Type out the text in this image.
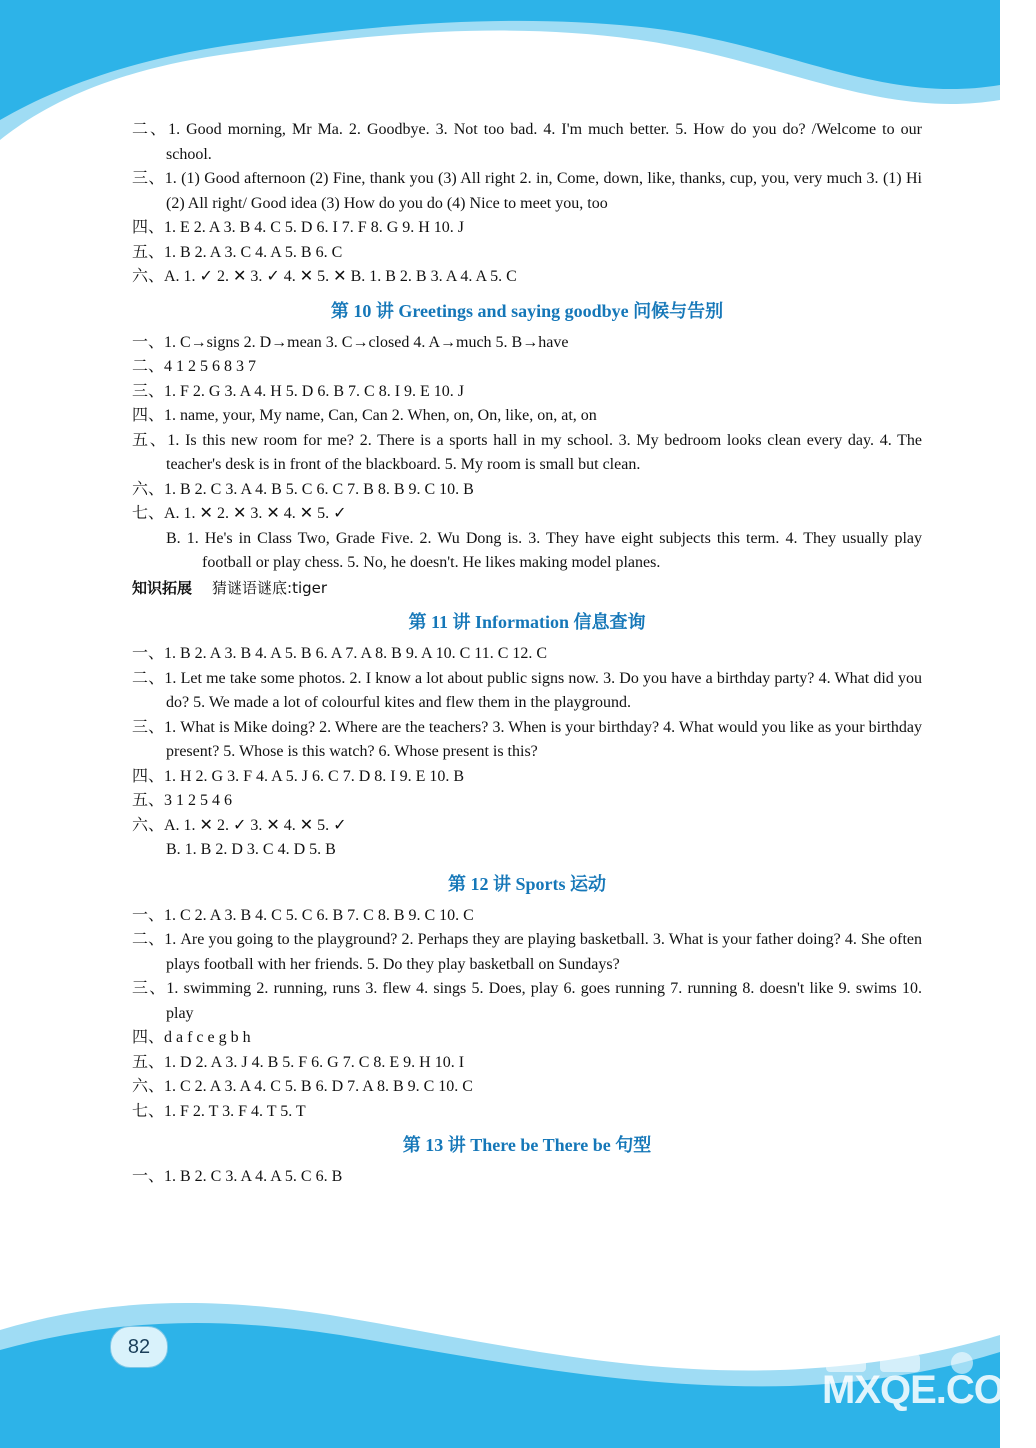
二、1. Good morning, Mr Ma. 2. Goodbye. 3. Not too bad. 4. I'm much better. 5. How do you do? /Welcome to our school.
三、1. (1) Good afternoon (2) Fine, thank you (3) All right 2. in, Come, down, like, thanks, cup, you, very much 3. (1) Hi (2) All right/ Good idea (3) How do you do (4) Nice to meet you, too
四、1. E 2. A 3. B 4. C 5. D 6. I 7. F 8. G 9. H 10. J
五、1. B 2. A 3. C 4. A 5. B 6. C
六、A. 1. ✓ 2. ✕ 3. ✓ 4. ✕ 5. ✕ B. 1. B 2. B 3. A 4. A 5. C
第 10 讲 Greetings and saying goodbye 问候与告别
一、1. C→signs 2. D→mean 3. C→closed 4. A→much 5. B→have
二、4 1 2 5 6 8 3 7
三、1. F 2. G 3. A 4. H 5. D 6. B 7. C 8. I 9. E 10. J
四、1. name, your, My name, Can, Can 2. When, on, On, like, on, at, on
五、1. Is this new room for me? 2. There is a sports hall in my school. 3. My bedroom looks clean every day. 4. The teacher's desk is in front of the blackboard. 5. My room is small but clean.
六、1. B 2. C 3. A 4. B 5. C 6. C 7. B 8. B 9. C 10. B
七、A. 1. ✕ 2. ✕ 3. ✕ 4. ✕ 5. ✓
B. 1. He's in Class Two, Grade Five. 2. Wu Dong is. 3. They have eight subjects this term. 4. They usually play football or play chess. 5. No, he doesn't. He likes making model planes.
知识拓展 猜谜语谜底:tiger
第 11 讲 Information 信息查询
一、1. B 2. A 3. B 4. A 5. B 6. A 7. A 8. B 9. A 10. C 11. C 12. C
二、1. Let me take some photos. 2. I know a lot about public signs now. 3. Do you have a birthday party? 4. What did you do? 5. We made a lot of colourful kites and flew them in the playground.
三、1. What is Mike doing? 2. Where are the teachers? 3. When is your birthday? 4. What would you like as your birthday present? 5. Whose is this watch? 6. Whose present is this?
四、1. H 2. G 3. F 4. A 5. J 6. C 7. D 8. I 9. E 10. B
五、3 1 2 5 4 6
六、A. 1. ✕ 2. ✓ 3. ✕ 4. ✕ 5. ✓
B. 1. B 2. D 3. C 4. D 5. B
第 12 讲 Sports 运动
一、1. C 2. A 3. B 4. C 5. C 6. B 7. C 8. B 9. C 10. C
二、1. Are you going to the playground? 2. Perhaps they are playing basketball. 3. What is your father doing? 4. She often plays football with her friends. 5. Do they play basketball on Sundays?
三、1. swimming 2. running, runs 3. flew 4. sings 5. Does, play 6. goes running 7. running 8. doesn't like 9. swims 10. play
四、d a f c e g b h
五、1. D 2. A 3. J 4. B 5. F 6. G 7. C 8. E 9. H 10. I
六、1. C 2. A 3. A 4. C 5. B 6. D 7. A 8. B 9. C 10. C
七、1. F 2. T 3. F 4. T 5. T
第 13 讲 There be There be 句型
一、1. B 2. C 3. A 4. A 5. C 6. B
82
MXQE.COM
